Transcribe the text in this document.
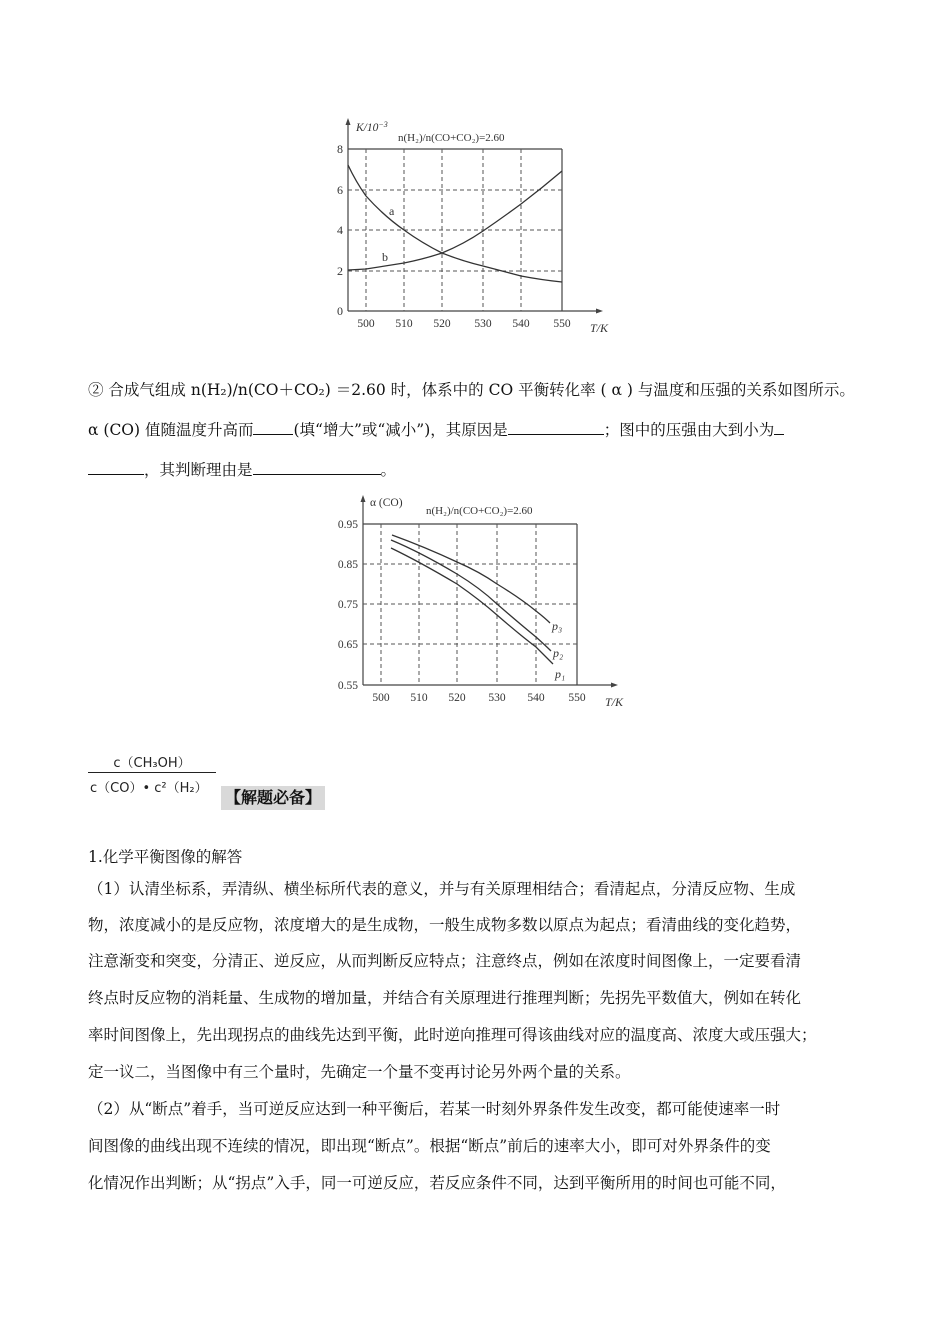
8
6
4
2
0
500 510 520 530 540 550 T/K
$K/10^{-3}$
n(H₂)/n(CO+CO₂)=2.60
a
b
② 合成气组成 n(H₂)/n(CO＋CO₂) ＝2.60 时，体系中的 CO 平衡转化率 ( α ) 与温度和压强的关系如图所示。
α (CO) 值随温度升高而	(填“增大”或“减小”)，其原因是	；图中的压强由大到小为
，其判断理由是	。
0.95
0.85
0.75
0.65
0.55
500 510 520 530 540 550 T/K
α (CO)
n(H₂)/n(CO+CO₂)=2.60
p₃
p₂
p₁
$\frac{\text{c（CH₃OH）}}{\text{c（CO）• c²（H₂）}}$
【解题必备】
1.化学平衡图像的解答
（1）认清坐标系，弄清纵、横坐标所代表的意义，并与有关原理相结合；看清起点，分清反应物、生成
物，浓度减小的是反应物，浓度增大的是生成物，一般生成物多数以原点为起点；看清曲线的变化趋势，
注意渐变和突变，分清正、逆反应，从而判断反应特点；注意终点，例如在浓度时间图像上，一定要看清
终点时反应物的消耗量、生成物的增加量，并结合有关原理进行推理判断；先拐先平数值大，例如在转化
率时间图像上，先出现拐点的曲线先达到平衡，此时逆向推理可得该曲线对应的温度高、浓度大或压强大；
定一议二，当图像中有三个量时，先确定一个量不变再讨论另外两个量的关系。
（2）从“断点”着手，当可逆反应达到一种平衡后，若某一时刻外界条件发生改变，都可能使速率一时
间图像的曲线出现不连续的情况，即出现“断点”。根据“断点”前后的速率大小，即可对外界条件的变
化情况作出判断；从“拐点”入手，同一可逆反应，若反应条件不同，达到平衡所用的时间也可能不同，
